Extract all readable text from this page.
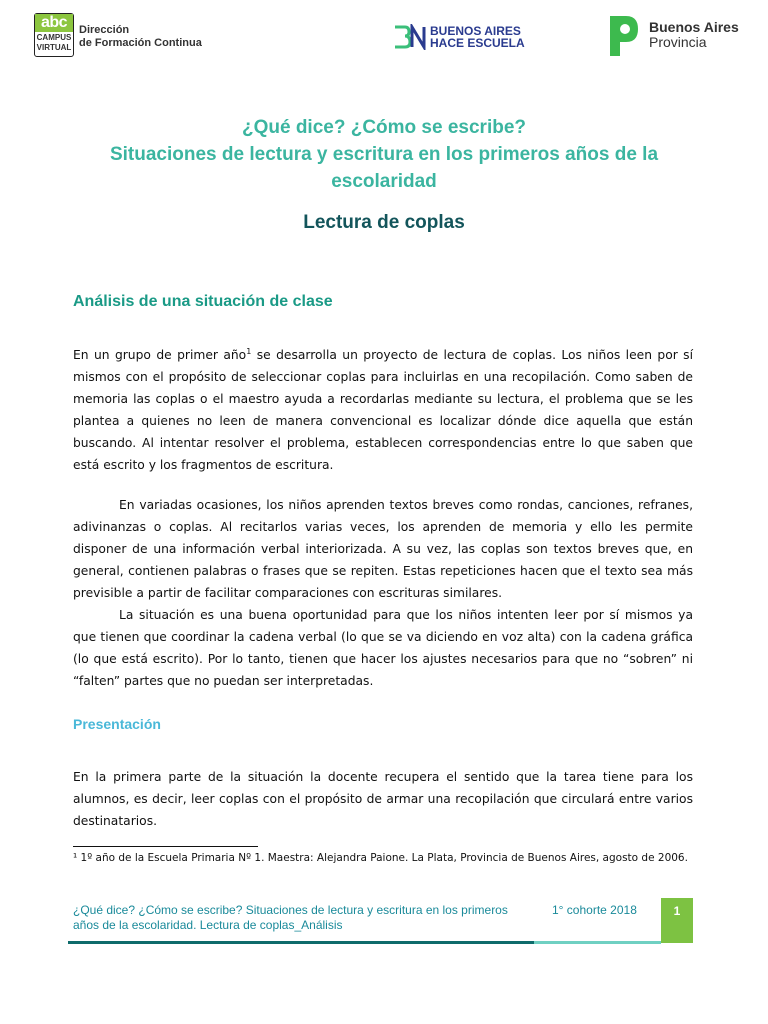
abc
CAMPUS
VIRTUAL
Dirección
de Formación Continua
BUENOS AIRES
HACE ESCUELA
Buenos Aires
Provincia
¿Qué dice? ¿Cómo se escribe?
Situaciones de lectura y escritura en los primeros años de la escolaridad
Lectura de coplas
Análisis de una situación de clase

En un grupo de primer año$^1$ se desarrolla un proyecto de lectura de coplas. Los niños leen por sí mismos con el propósito de seleccionar coplas para incluirlas en una recopilación. Como saben de memoria las coplas o el maestro ayuda a recordarlas mediante su lectura, el problema que se les plantea a quienes no leen de manera convencional es localizar dónde dice aquella que están buscando. Al intentar resolver el problema, establecen correspondencias entre lo que saben que está escrito y los fragmentos de escritura.

En variadas ocasiones, los niños aprenden textos breves como rondas, canciones, refranes, adivinanzas o coplas. Al recitarlos varias veces, los aprenden de memoria y ello les permite disponer de una información verbal interiorizada. A su vez, las coplas son textos breves que, en general, contienen palabras o frases que se repiten. Estas repeticiones hacen que el texto sea más previsible a partir de facilitar comparaciones con escrituras similares.

La situación es una buena oportunidad para que los niños intenten leer por sí mismos ya que tienen que coordinar la cadena verbal (lo que se va diciendo en voz alta) con la cadena gráfica (lo que está escrito). Por lo tanto, tienen que hacer los ajustes necesarios para que no “sobren” ni “falten” partes que no puedan ser interpretadas.

Presentación

En la primera parte de la situación la docente recupera el sentido que la tarea tiene para los alumnos, es decir, leer coplas con el propósito de armar una recopilación que circulará entre varios destinatarios.

¹ 1º año de la Escuela Primaria Nº 1. Maestra: Alejandra Paione. La Plata, Provincia de Buenos Aires, agosto de 2006.
¿Qué dice? ¿Cómo se escribe? Situaciones de lectura y escritura en los primeros años de la escolaridad. Lectura de coplas_Análisis
1° cohorte 2018	1
